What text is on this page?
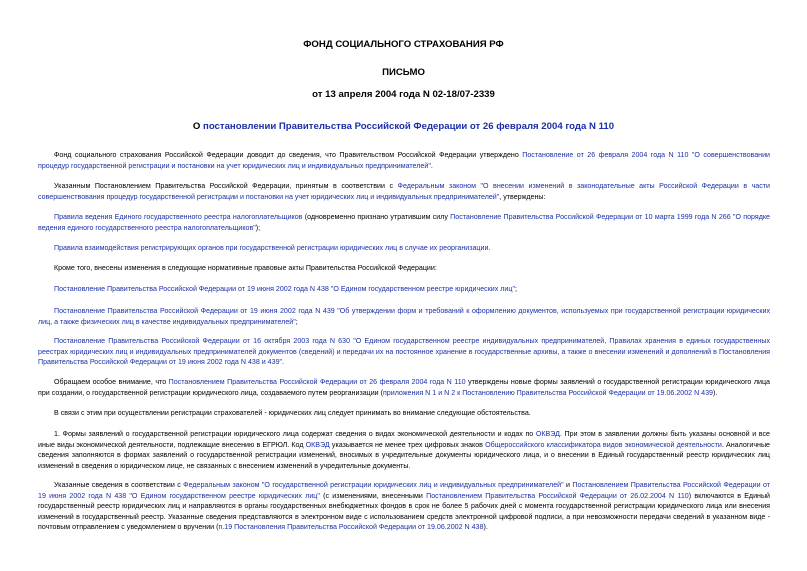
ФОНД СОЦИАЛЬНОГО СТРАХОВАНИЯ РФ
ПИСЬМО
от 13 апреля 2004 года N 02-18/07-2339
О постановлении Правительства Российской Федерации от 26 февраля 2004 года N 110
Фонд социального страхования Российской Федерации доводит до сведения, что Правительством Российской Федерации утверждено Постановление от 26 февраля 2004 года N 110 "О совершенствовании процедур государственной регистрации и постановки на учет юридических лиц и индивидуальных предпринимателей".
Указанным Постановлением Правительства Российской Федерации, принятым в соответствии с Федеральным законом "О внесении изменений в законодательные акты Российской Федерации в части совершенствования процедур государственной регистрации и постановки на учет юридических лиц и индивидуальных предпринимателей", утверждены:
Правила ведения Единого государственного реестра налогоплательщиков (одновременно признано утратившим силу Постановление Правительства Российской Федерации от 10 марта 1999 года N 266 "О порядке ведения единого государственного реестра налогоплательщиков");
Правила взаимодействия регистрирующих органов при государственной регистрации юридических лиц в случае их реорганизации.
Кроме того, внесены изменения в следующие нормативные правовые акты Правительства Российской Федерации:
Постановление Правительства Российской Федерации от 19 июня 2002 года N 438 "О Едином государственном реестре юридических лиц";
Постановление Правительства Российской Федерации от 19 июня 2002 года N 439 "Об утверждении форм и требований к оформлению документов, используемых при государственной регистрации юридических лиц, а также физических лиц в качестве индивидуальных предпринимателей";
Постановление Правительства Российской Федерации от 16 октября 2003 года N 630 "О Едином государственном реестре индивидуальных предпринимателей, Правилах хранения в единых государственных реестрах юридических лиц и индивидуальных предпринимателей документов (сведений) и передачи их на постоянное хранение в государственные архивы, а также о внесении изменений и дополнений в Постановления Правительства Российской Федерации от 19 июня 2002 года N 438 и 439".
Обращаем особое внимание, что Постановлением Правительства Российской Федерации от 26 февраля 2004 года N 110 утверждены новые формы заявлений о государственной регистрации юридического лица при создании, о государственной регистрации юридического лица, создаваемого путем реорганизации (приложения N 1 и N 2 к Постановлению Правительства Российской Федерации от 19.06.2002 N 439).
В связи с этим при осуществлении регистрации страхователей - юридических лиц следует принимать во внимание следующие обстоятельства.
1. Формы заявлений о государственной регистрации юридического лица содержат сведения о видах экономической деятельности и кодах по ОКВЭД. При этом в заявлении должны быть указаны основной и все иные виды экономической деятельности, подлежащие внесению в ЕГРЮЛ. Код ОКВЭД указывается не менее трех цифровых знаков Общероссийского классификатора видов экономической деятельности. Аналогичные сведения заполняются в формах заявлений о государственной регистрации изменений, вносимых в учредительные документы юридического лица, и о внесении в Единый государственный реестр юридических лиц изменений в сведения о юридическом лице, не связанных с внесением изменений в учредительные документы.
Указанные сведения в соответствии с Федеральным законом "О государственной регистрации юридических лиц и индивидуальных предпринимателей" и Постановлением Правительства Российской Федерации от 19 июня 2002 года N 438 "О Едином государственном реестре юридических лиц" (с изменениями, внесенными Постановлением Правительства Российской Федерации от 26.02.2004 N 110) включаются в Единый государственный реестр юридических лиц и направляются в органы государственных внебюджетных фондов в срок не более 5 рабочих дней с момента государственной регистрации юридического лица или внесения изменений в государственный реестр. Указанные сведения представляются в электронном виде с использованием средств электронной цифровой подписи, а при невозможности передачи сведений в указанном виде - почтовым отправлением с уведомлением о вручении (п.19 Постановления Правительства Российской Федерации от 19.06.2002 N 438).
